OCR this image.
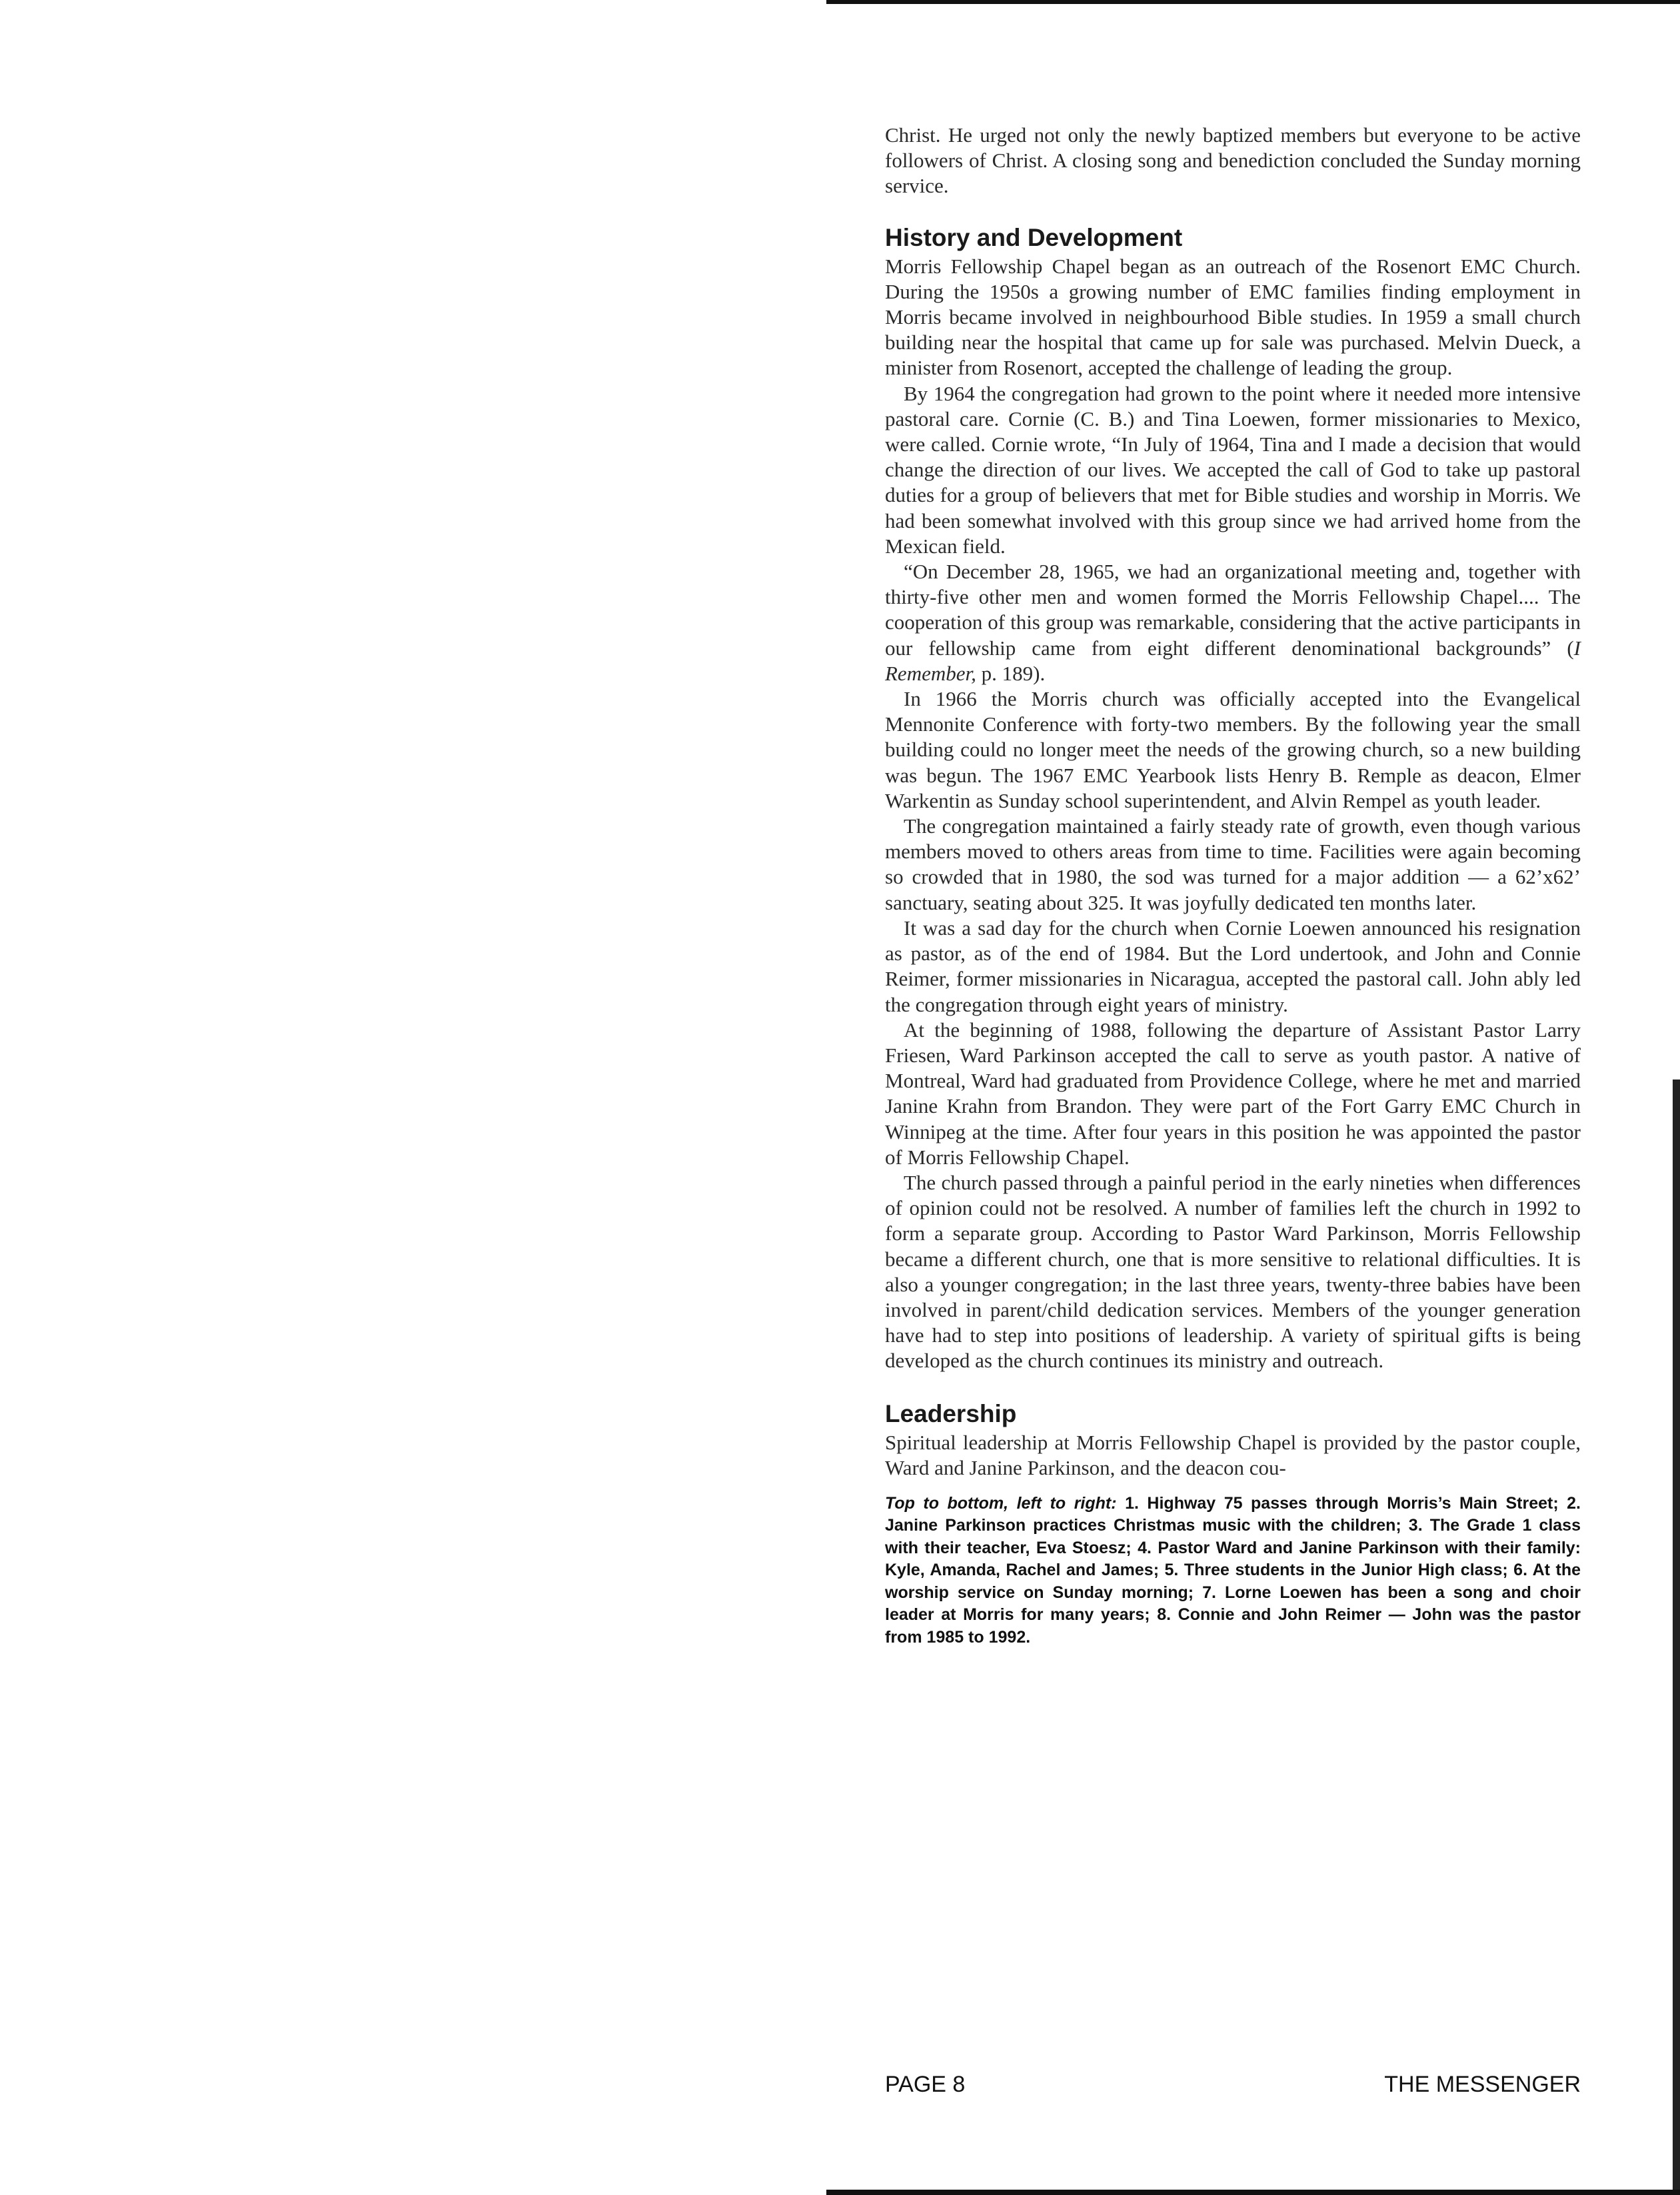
Christ. He urged not only the newly baptized members but everyone to be active followers of Christ. A closing song and benediction concluded the Sunday morning service.

History and Development

Morris Fellowship Chapel began as an outreach of the Rosenort EMC Church. During the 1950s a growing number of EMC families finding employment in Morris became involved in neighbourhood Bible studies. In 1959 a small church building near the hospital that came up for sale was purchased. Melvin Dueck, a minister from Rosenort, accepted the challenge of leading the group.

By 1964 the congregation had grown to the point where it needed more intensive pastoral care. Cornie (C. B.) and Tina Loewen, former missionaries to Mexico, were called. Cornie wrote, “In July of 1964, Tina and I made a decision that would change the direction of our lives. We accepted the call of God to take up pastoral duties for a group of believers that met for Bible studies and worship in Morris. We had been somewhat involved with this group since we had arrived home from the Mexican field.

“On December 28, 1965, we had an organizational meeting and, together with thirty-five other men and women formed the Morris Fellowship Chapel.... The cooperation of this group was remarkable, considering that the active participants in our fellowship came from eight different denominational backgrounds” (I Remember, p. 189).

In 1966 the Morris church was officially accepted into the Evangelical Mennonite Conference with forty-two members. By the following year the small building could no longer meet the needs of the growing church, so a new building was begun. The 1967 EMC Yearbook lists Henry B. Remple as deacon, Elmer Warkentin as Sunday school superintendent, and Alvin Rempel as youth leader.

The congregation maintained a fairly steady rate of growth, even though various members moved to others areas from time to time. Facilities were again becoming so crowded that in 1980, the sod was turned for a major addition — a 62’x62’ sanctuary, seating about 325. It was joyfully dedicated ten months later.

It was a sad day for the church when Cornie Loewen announced his resignation as pastor, as of the end of 1984. But the Lord undertook, and John and Connie Reimer, former missionaries in Nicaragua, accepted the pastoral call. John ably led the congregation through eight years of ministry.

At the beginning of 1988, following the departure of Assistant Pastor Larry Friesen, Ward Parkinson accepted the call to serve as youth pastor. A native of Montreal, Ward had graduated from Providence College, where he met and married Janine Krahn from Brandon. They were part of the Fort Garry EMC Church in Winnipeg at the time. After four years in this position he was appointed the pastor of Morris Fellowship Chapel.

The church passed through a painful period in the early nineties when differences of opinion could not be resolved. A number of families left the church in 1992 to form a separate group. According to Pastor Ward Parkinson, Morris Fellowship became a different church, one that is more sensitive to relational difficulties. It is also a younger congregation; in the last three years, twenty-three babies have been involved in parent/child dedication services. Members of the younger generation have had to step into positions of leadership. A variety of spiritual gifts is being developed as the church continues its ministry and outreach.

Leadership

Spiritual leadership at Morris Fellowship Chapel is provided by the pastor couple, Ward and Janine Parkinson, and the deacon cou-

Top to bottom, left to right: 1. Highway 75 passes through Morris’s Main Street; 2. Janine Parkinson practices Christmas music with the children; 3. The Grade 1 class with their teacher, Eva Stoesz; 4. Pastor Ward and Janine Parkinson with their family: Kyle, Amanda, Rachel and James; 5. Three students in the Junior High class; 6. At the worship service on Sunday morning; 7. Lorne Loewen has been a song and choir leader at Morris for many years; 8. Connie and John Reimer — John was the pastor from 1985 to 1992.

PAGE 8	THE MESSENGER
